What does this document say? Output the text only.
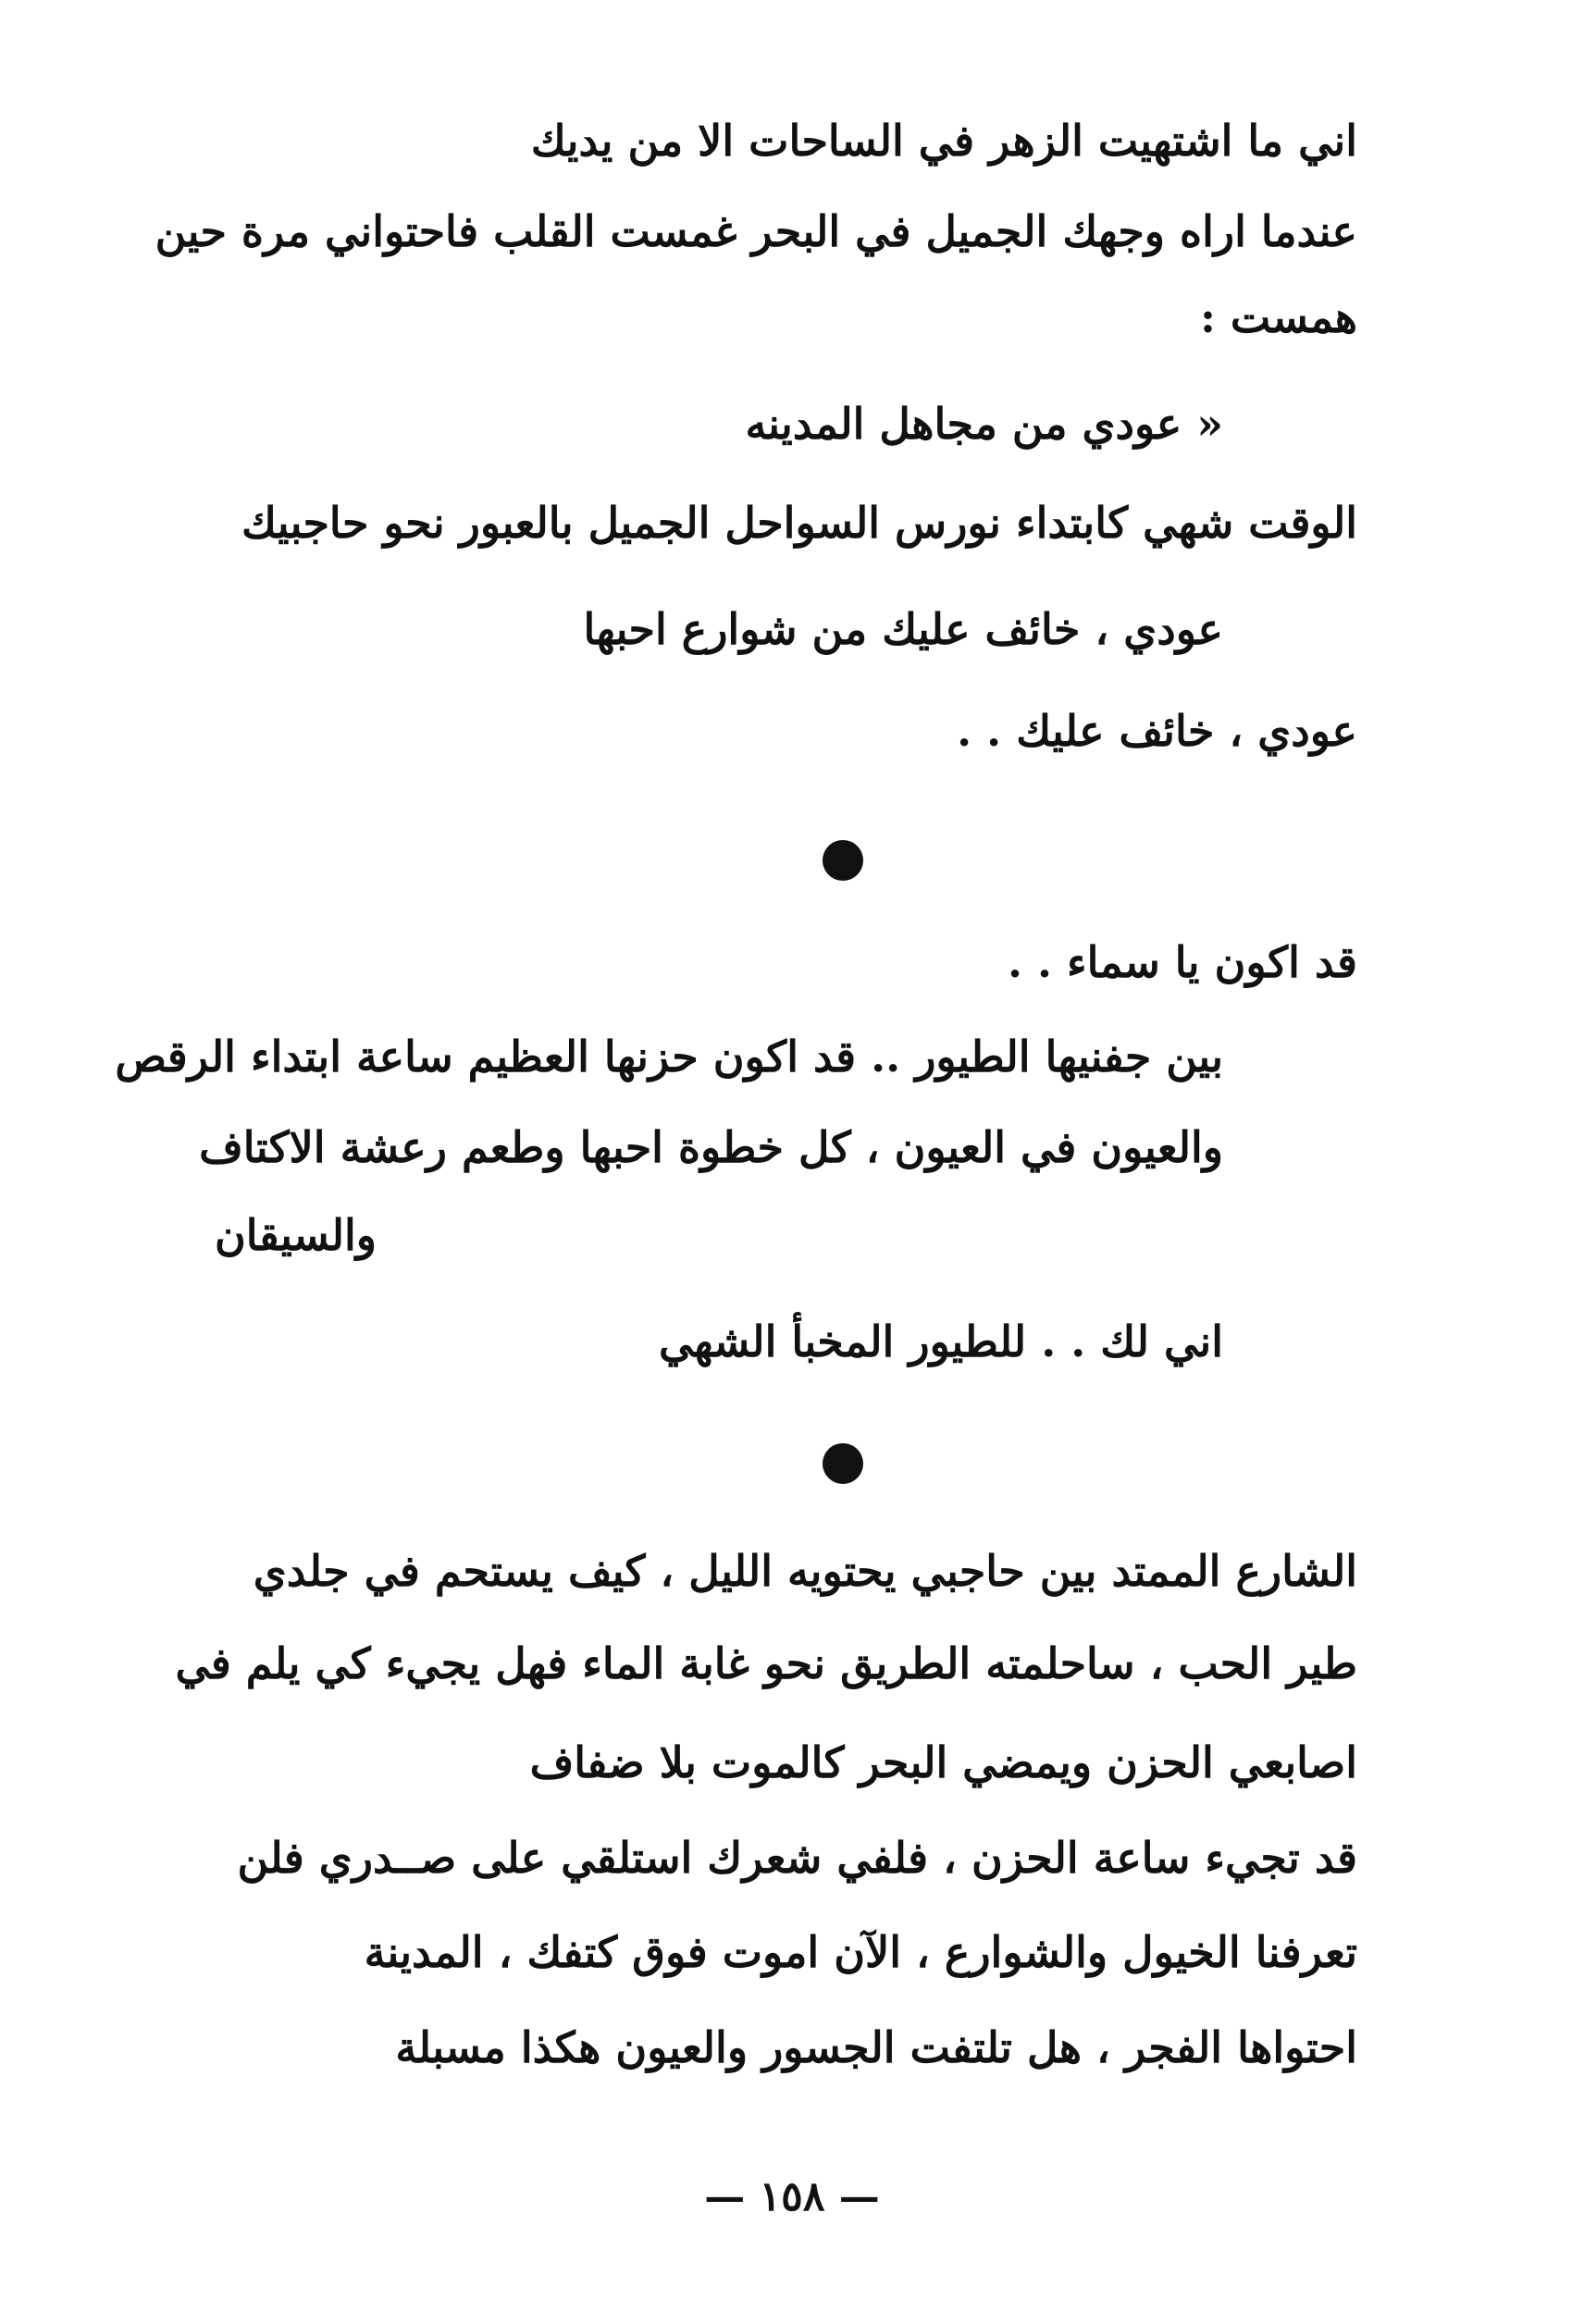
اني ما اشتهيت الزهر في الساحات الا من يديك
عندما اراه وجهك الجميل في البحر غمست القلب فاحتواني مرة حين
همست :
« عودي من مجاهل المدينه
الوقت شهي كابتداء نورس السواحل الجميل بالعبور نحو حاجبيك
عودي ، خائف عليك من شوارع احبها
عودي ، خائف عليك . .
قد اكون يا سماء . .
بين جفنيها الطيور .. قد اكون حزنها العظيم ساعة ابتداء الرقص
والعيون في العيون ، كل خطوة احبها وطعم رعشة الاكتاف
والسيقان
اني لك . . للطيور المخبأ الشهي
الشارع الممتد بين حاجبي يحتويه الليل ، كيف يستحم في جلدي
طير الحب ، ساحلمته الطريق نحو غابة الماء فهل يجيء كي يلم في
اصابعي الحزن ويمضي البحر كالموت بلا ضفاف
قد تجيء ساعة الحزن ، فلفي شعرك استلقي على صــدري فلن
تعرفنا الخيول والشوارع ، الآن اموت فوق كتفك ، المدينة
احتواها الفجر ، هل تلتفت الجسور والعيون هكذا مسبلة
— ١٥٨ —
